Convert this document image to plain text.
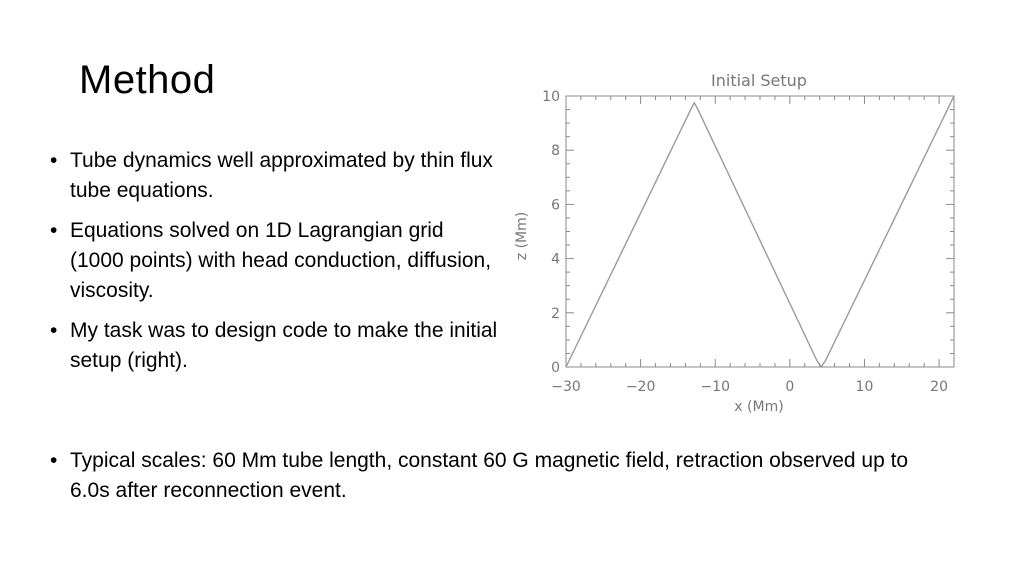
Method
• Tube dynamics well approximated by thin flux tube equations.
• Equations solved on 1D Lagrangian grid (1000 points) with head conduction, diffusion, viscosity.
• My task was to design code to make the initial setup (right).
• Typical scales: 60 Mm tube length, constant 60 G magnetic field, retraction observed up to 6.0s after reconnection event.
Initial Setup
−30	−20	−10	0	10	20
0
2
4
6
8
10
x (Mm)
z (Mm)
